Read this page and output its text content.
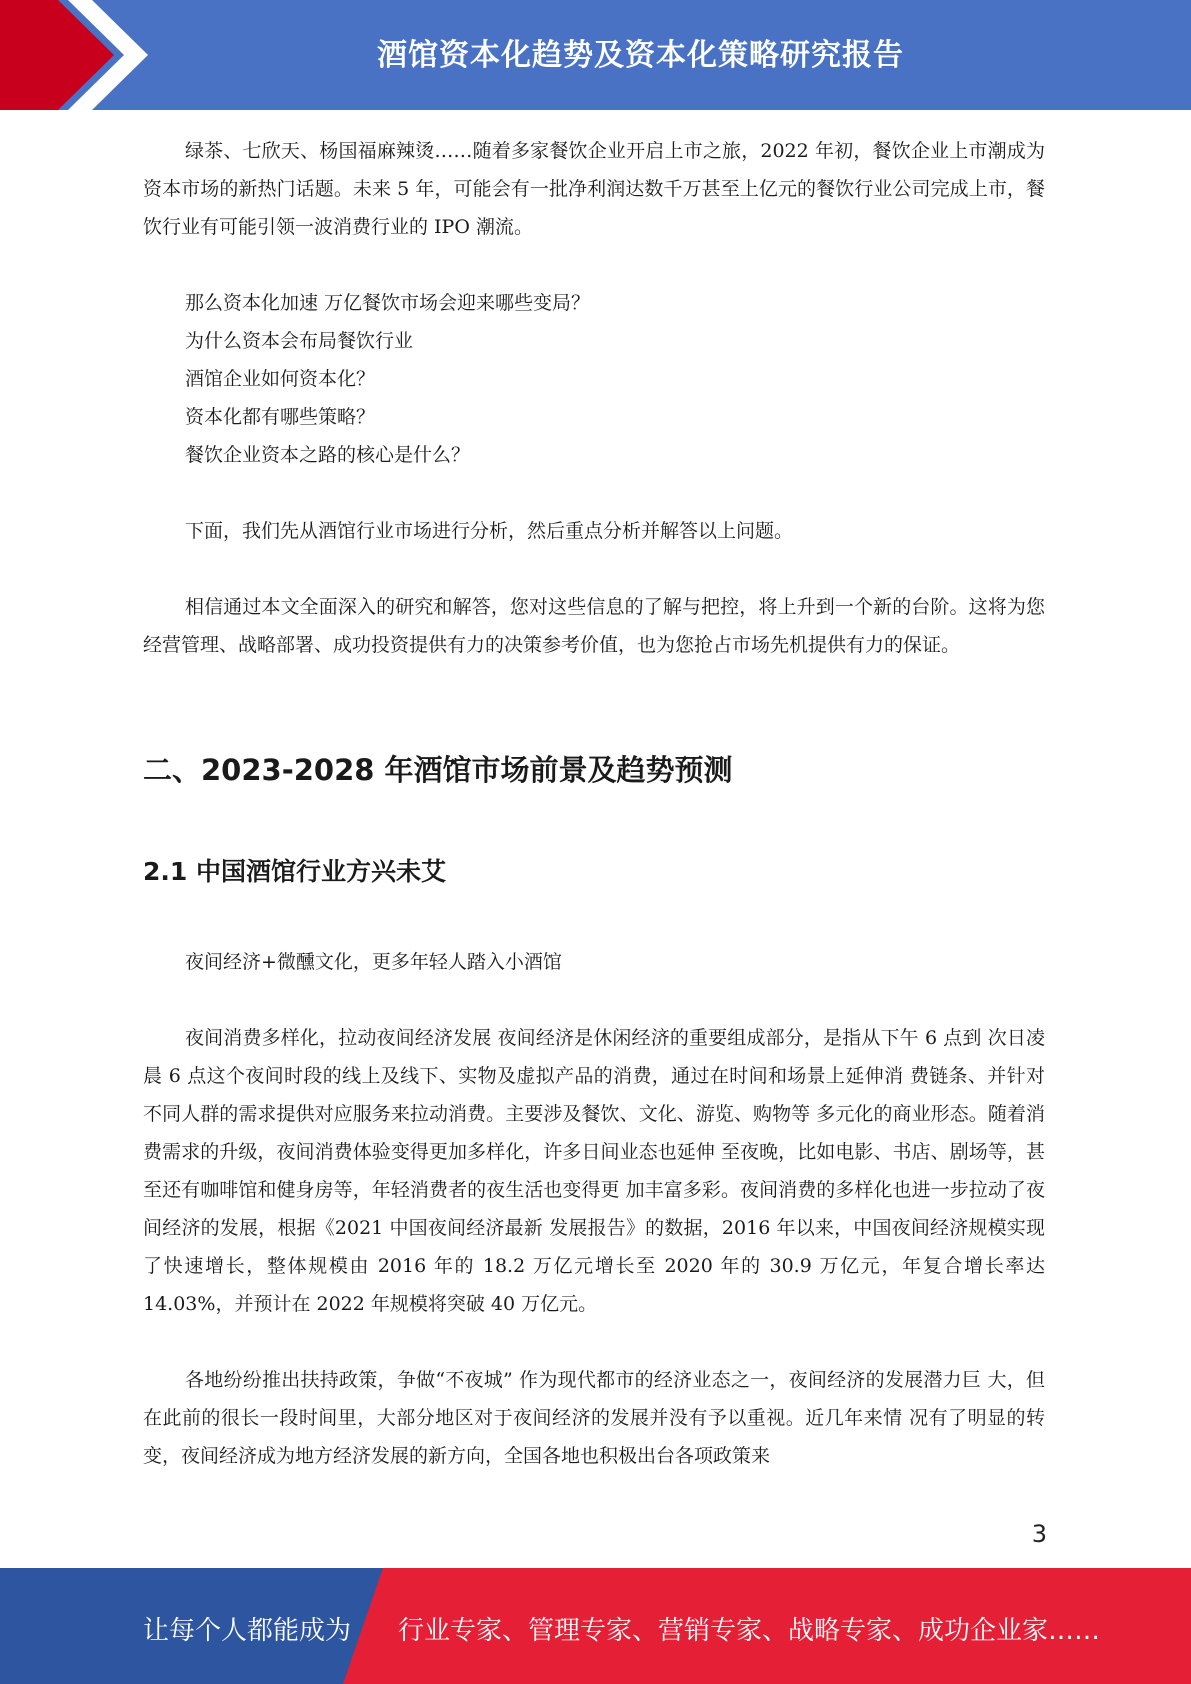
酒馆资本化趋势及资本化策略研究报告

绿茶、七欣天、杨国福麻辣烫……随着多家餐饮企业开启上市之旅，2022 年初，餐饮企业上市潮成为资本市场的新热门话题。未来 5 年，可能会有一批净利润达数千万甚至上亿元的餐饮行业公司完成上市，餐饮行业有可能引领一波消费行业的 IPO 潮流。

那么资本化加速 万亿餐饮市场会迎来哪些变局？

为什么资本会布局餐饮行业

酒馆企业如何资本化？

资本化都有哪些策略？

餐饮企业资本之路的核心是什么？

下面，我们先从酒馆行业市场进行分析，然后重点分析并解答以上问题。

相信通过本文全面深入的研究和解答，您对这些信息的了解与把控，将上升到一个新的台阶。这将为您经营管理、战略部署、成功投资提供有力的决策参考价值，也为您抢占市场先机提供有力的保证。

二、2023-2028 年酒馆市场前景及趋势预测
2.1 中国酒馆行业方兴未艾

夜间经济+微醺文化，更多年轻人踏入小酒馆

夜间消费多样化，拉动夜间经济发展 夜间经济是休闲经济的重要组成部分，是指从下午 6 点到 次日凌晨 6 点这个夜间时段的线上及线下、实物及虚拟产品的消费，通过在时间和场景上延伸消 费链条、并针对不同人群的需求提供对应服务来拉动消费。主要涉及餐饮、文化、游览、购物等 多元化的商业形态。随着消费需求的升级，夜间消费体验变得更加多样化，许多日间业态也延伸 至夜晚，比如电影、书店、剧场等，甚至还有咖啡馆和健身房等，年轻消费者的夜生活也变得更 加丰富多彩。夜间消费的多样化也进一步拉动了夜间经济的发展，根据《2021 中国夜间经济最新 发展报告》的数据，2016 年以来，中国夜间经济规模实现了快速增长，整体规模由 2016 年的 18.2 万亿元增长至 2020 年的 30.9 万亿元，年复合增长率达 14.03%，并预计在 2022 年规模将突破 40 万亿元。

各地纷纷推出扶持政策，争做“不夜城” 作为现代都市的经济业态之一，夜间经济的发展潜力巨 大，但在此前的很长一段时间里，大部分地区对于夜间经济的发展并没有予以重视。近几年来情 况有了明显的转变，夜间经济成为地方经济发展的新方向，全国各地也积极出台各项政策来

3
让每个人都能成为 行业专家、管理专家、营销专家、战略专家、成功企业家……
